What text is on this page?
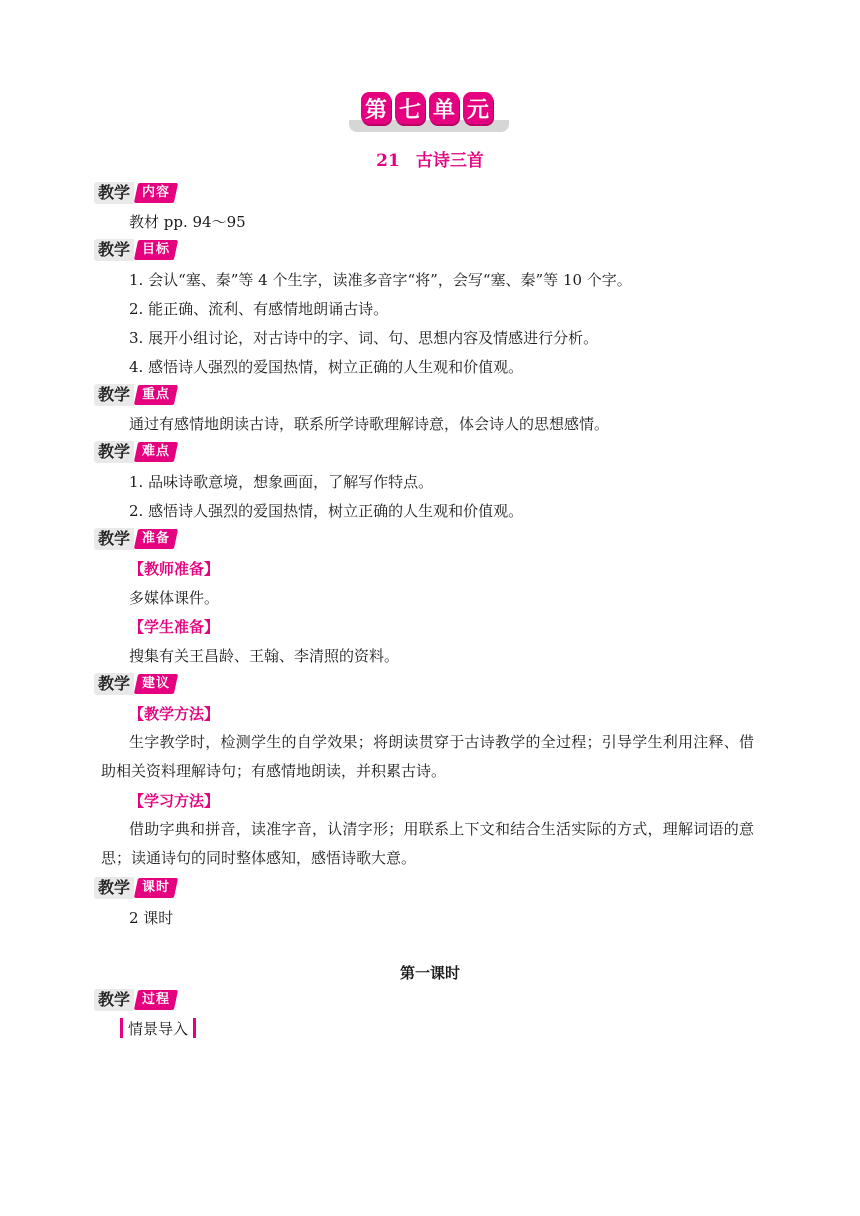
第 七 单 元
21 古诗三首
教学 内容
教材 pp. 94～95
教学 目标
1. 会认“塞、秦”等 4 个生字，读准多音字“将”，会写“塞、秦”等 10 个字。
2. 能正确、流利、有感情地朗诵古诗。
3. 展开小组讨论，对古诗中的字、词、句、思想内容及情感进行分析。
4. 感悟诗人强烈的爱国热情，树立正确的人生观和价值观。
教学 重点
通过有感情地朗读古诗，联系所学诗歌理解诗意，体会诗人的思想感情。
教学 难点
1. 品味诗歌意境，想象画面，了解写作特点。
2. 感悟诗人强烈的爱国热情，树立正确的人生观和价值观。
教学 准备
【教师准备】
多媒体课件。
【学生准备】
搜集有关王昌龄、王翰、李清照的资料。
教学 建议
【教学方法】
生字教学时，检测学生的自学效果；将朗读贯穿于古诗教学的全过程；引导学生利用注释、借助相关资料理解诗句；有感情地朗读，并积累古诗。
【学习方法】
借助字典和拼音，读准字音，认清字形；用联系上下文和结合生活实际的方式，理解词语的意思；读通诗句的同时整体感知，感悟诗歌大意。
教学 课时
2 课时
第一课时
教学 过程
情景导入
